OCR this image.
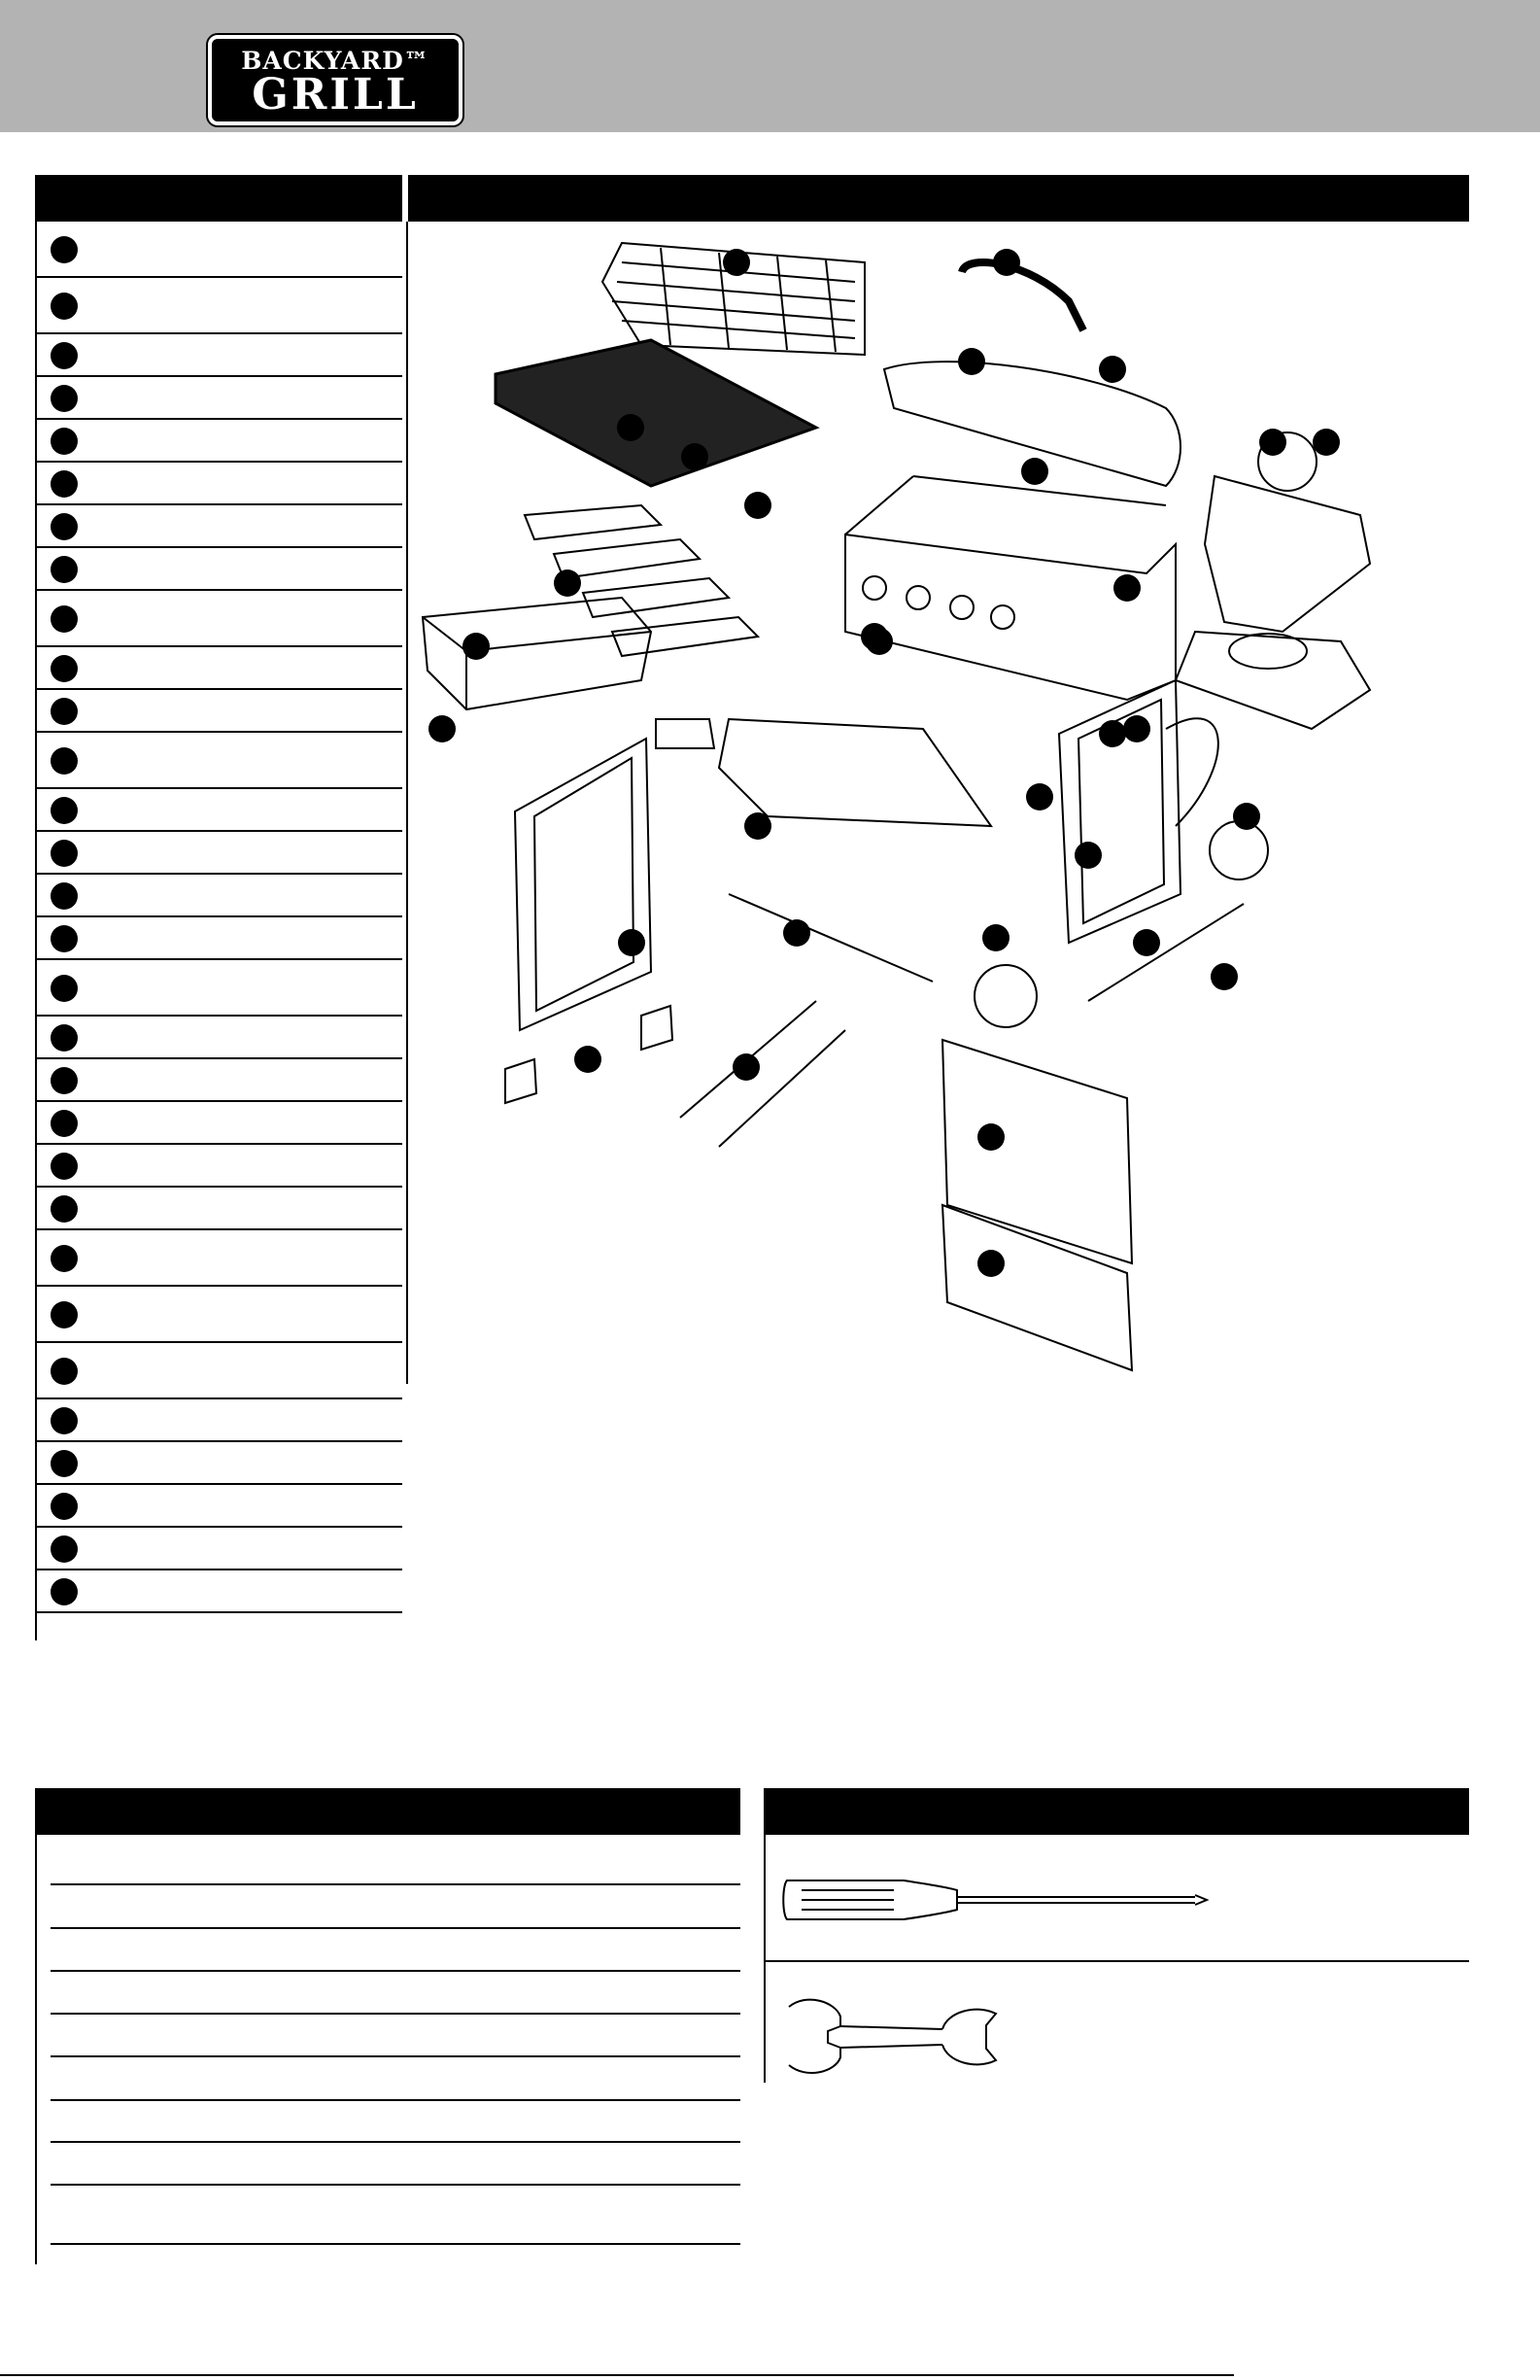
BACKYARD™
GRILL
